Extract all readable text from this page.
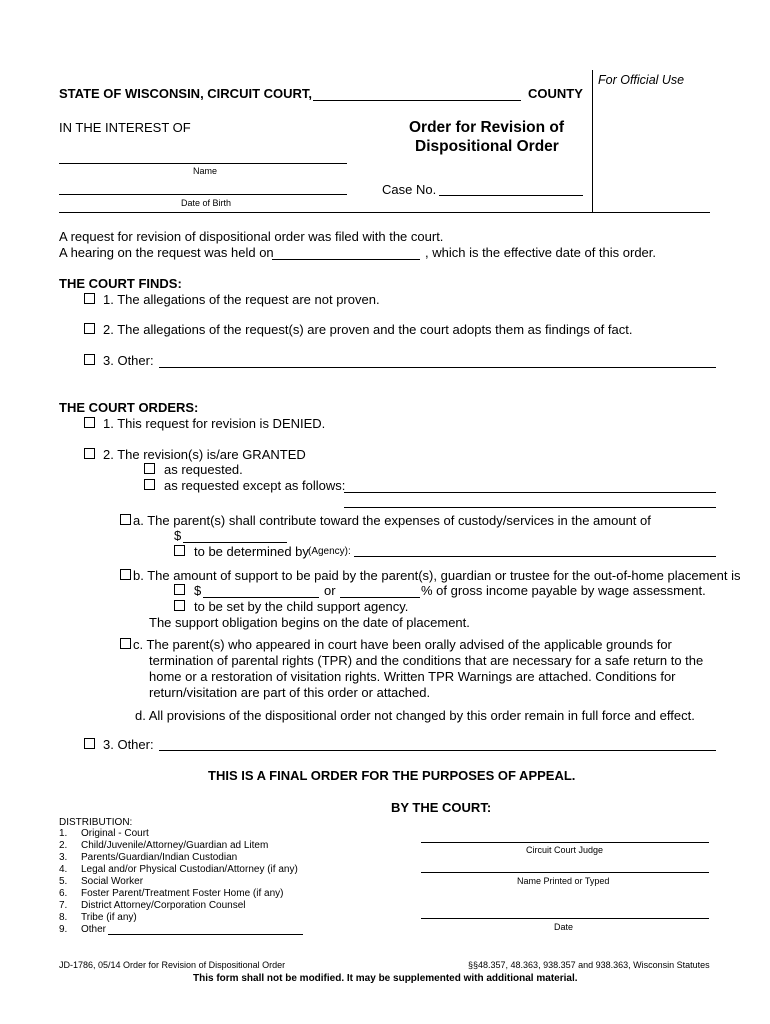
For Official Use
STATE OF WISCONSIN, CIRCUIT COURT,	COUNTY
IN THE INTEREST OF	Order for Revision of
Dispositional Order
Name
Date of Birth
Case No.
A request for revision of dispositional order was filed with the court.
A hearing on the request was held on	, which is the effective date of this order.
THE COURT FINDS:
1. The allegations of the request are not proven.
2. The allegations of the request(s) are proven and the court adopts them as findings of fact.
3. Other:
THE COURT ORDERS:
1. This request for revision is DENIED.
2. The revision(s) is/are GRANTED
as requested.
as requested except as follows:
a. The parent(s) shall contribute toward the expenses of custody/services in the amount of
$
to be determined by (Agency):
b. The amount of support to be paid by the parent(s), guardian or trustee for the out-of-home placement is
$	or	% of gross income payable by wage assessment.
to be set by the child support agency.
The support obligation begins on the date of placement.
c. The parent(s) who appeared in court have been orally advised of the applicable grounds for
termination of parental rights (TPR) and the conditions that are necessary for a safe return to the
home or a restoration of visitation rights. Written TPR Warnings are attached. Conditions for
return/visitation are part of this order or attached.
d. All provisions of the dispositional order not changed by this order remain in full force and effect.
3. Other:
THIS IS A FINAL ORDER FOR THE PURPOSES OF APPEAL.
BY THE COURT:
DISTRIBUTION:
1. Original - Court
2. Child/Juvenile/Attorney/Guardian ad Litem
3. Parents/Guardian/Indian Custodian
4. Legal and/or Physical Custodian/Attorney (if any)
5. Social Worker
6. Foster Parent/Treatment Foster Home (if any)
7. District Attorney/Corporation Counsel
8. Tribe (if any)
9. Other
Circuit Court Judge
Name Printed or Typed
Date
JD-1786, 05/14 Order for Revision of Dispositional Order	§§48.357, 48.363, 938.357 and 938.363, Wisconsin Statutes
This form shall not be modified. It may be supplemented with additional material.
